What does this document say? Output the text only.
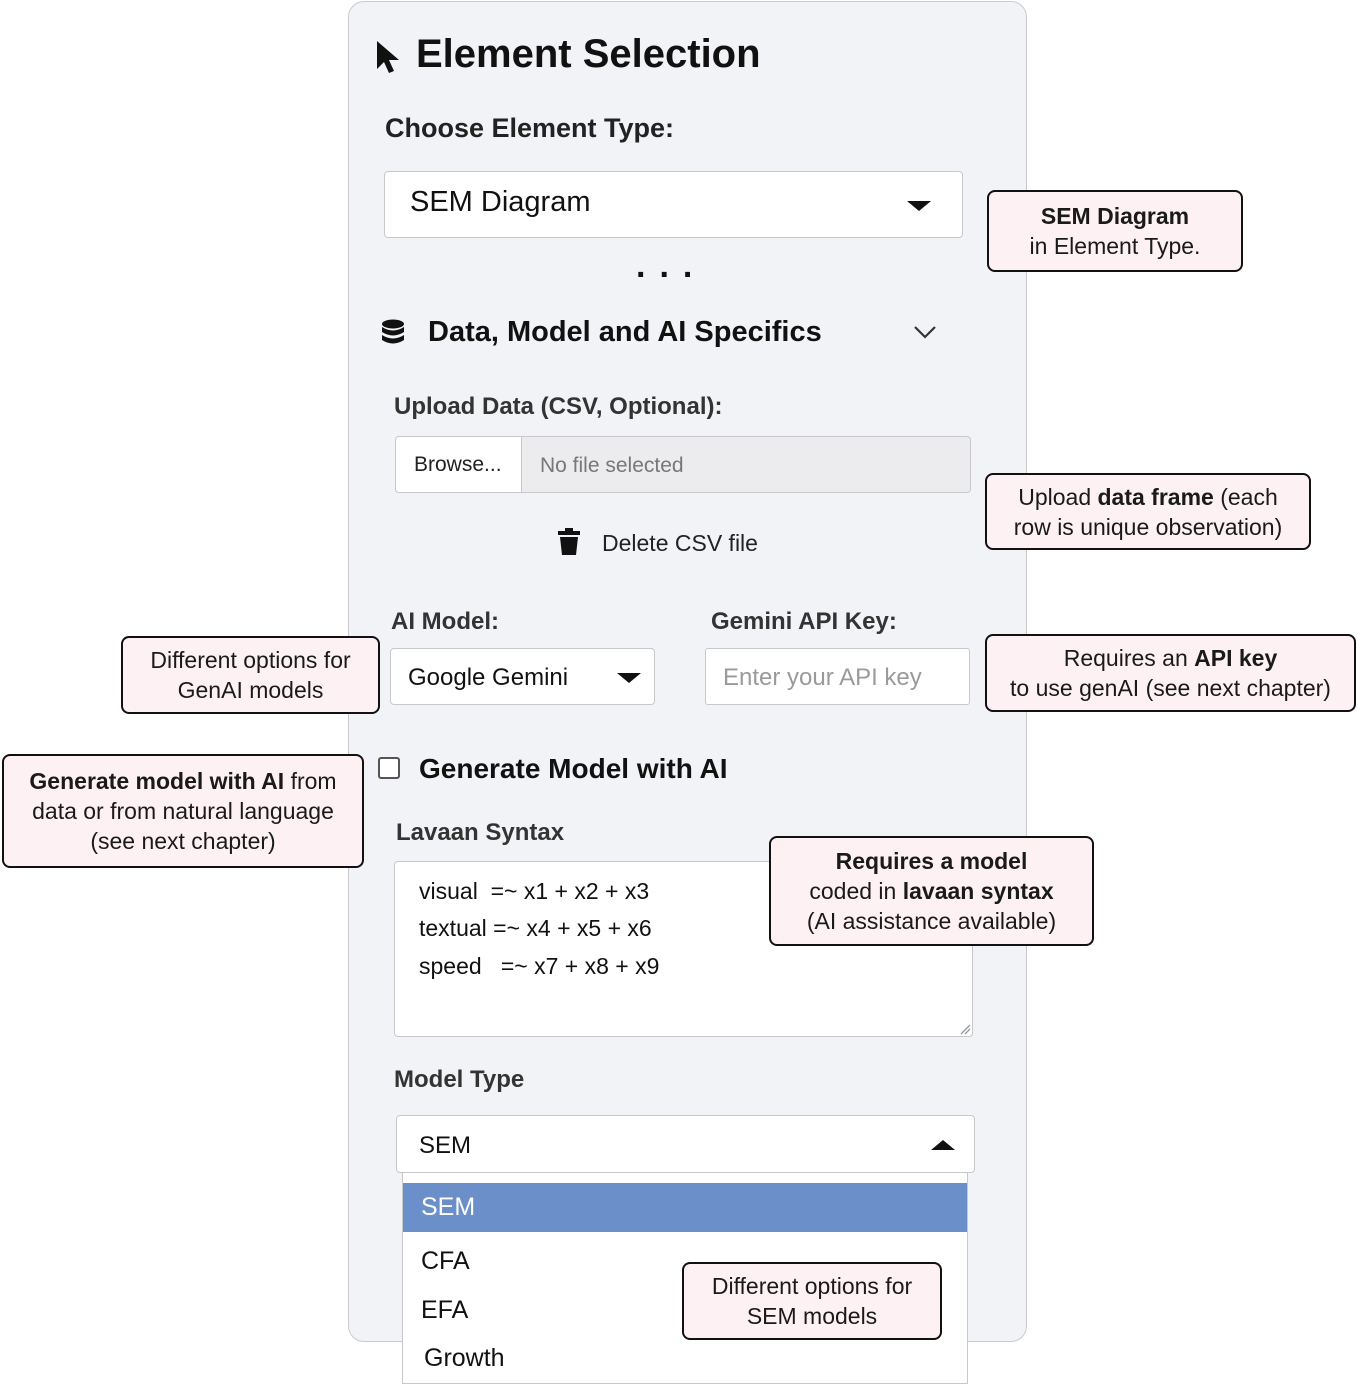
Element Selection
Choose Element Type:
SEM Diagram
...
Data, Model and AI Specifics
Upload Data (CSV, Optional):
Browse... No file selected
Delete CSV file
AI Model:
Google Gemini
Gemini API Key:
Enter your API key
Generate Model with AI
Lavaan Syntax
visual  =~ x1 + x2 + x3
textual =~ x4 + x5 + x6
speed   =~ x7 + x8 + x9
Model Type
SEM
SEM
CFA
EFA
Growth
SEM Diagram
in Element Type.
Upload data frame (each
row is unique observation)
Different options for
GenAI models
Requires an API key
to use genAI (see next chapter)
Generate model with AI from
data or from natural language
(see next chapter)
Requires a model
coded in lavaan syntax
(AI assistance available)
Different options for
SEM models
